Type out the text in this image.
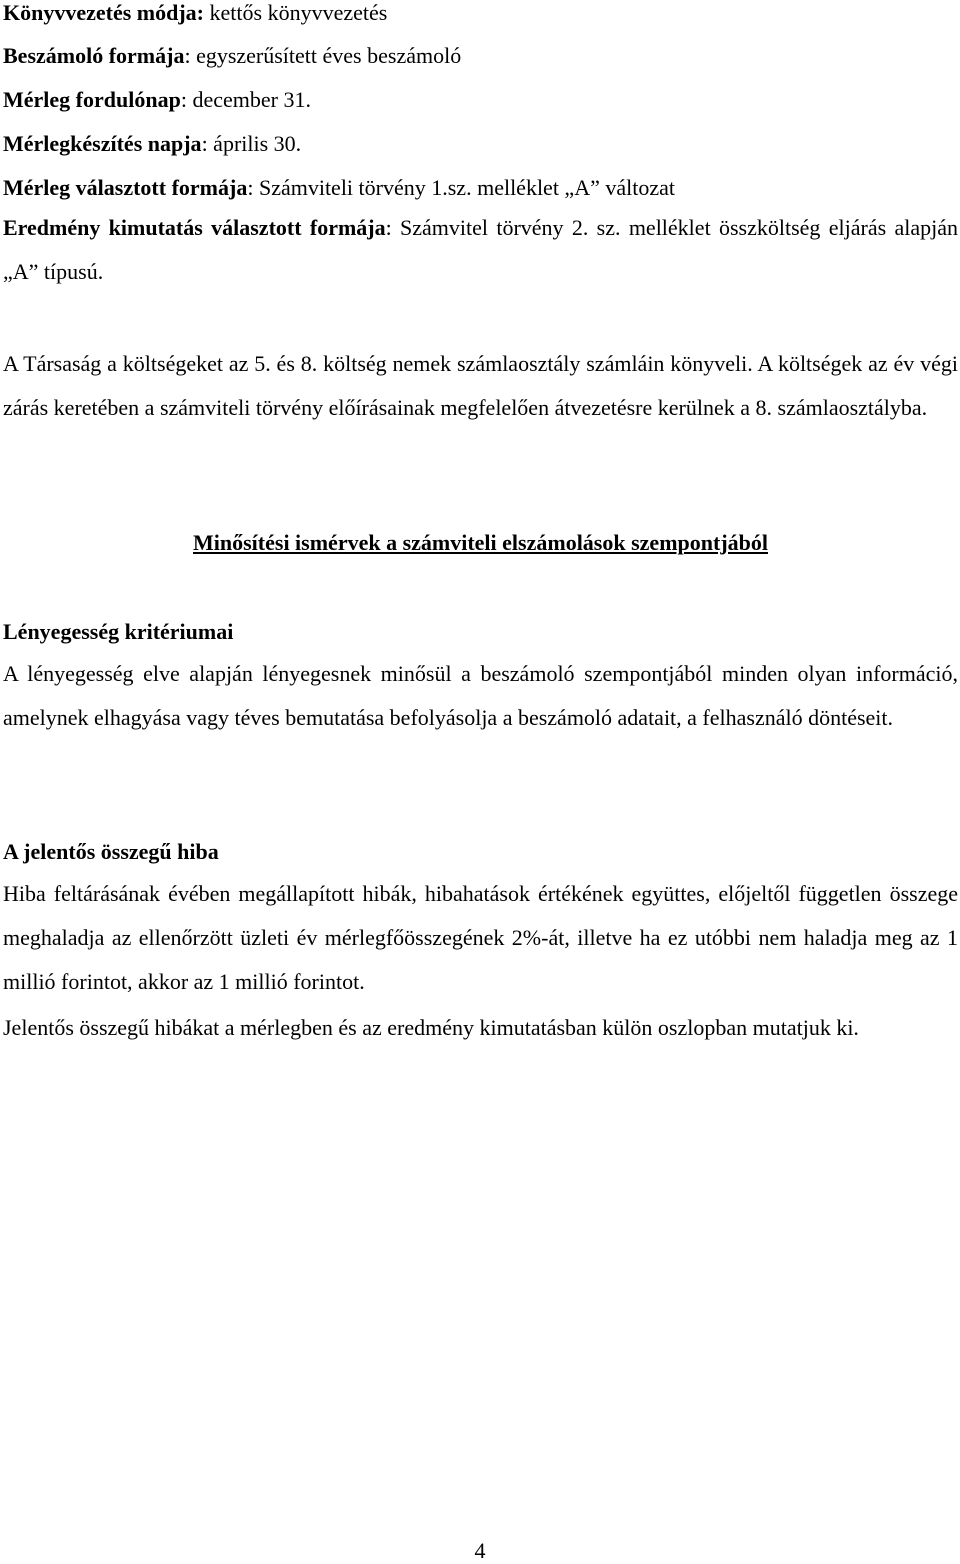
Könyvvezetés módja: kettős könyvvezetés
Beszámoló formája: egyszerűsített éves beszámoló
Mérleg fordulónap: december 31.
Mérlegkészítés napja: április 30.
Mérleg választott formája: Számviteli törvény 1.sz. melléklet „A” változat
Eredmény kimutatás választott formája: Számvitel törvény 2. sz. melléklet összköltség eljárás alapján „A” típusú.
A Társaság a költségeket az 5. és 8. költség nemek számlaosztály számláin könyveli. A költségek az év végi zárás keretében a számviteli törvény előírásainak megfelelően átvezetésre kerülnek a 8. számlaosztályba.
Minősítési ismérvek a számviteli elszámolások szempontjából
Lényegesség kritériumai
A lényegesség elve alapján lényegesnek minősül a beszámoló szempontjából minden olyan információ, amelynek elhagyása vagy téves bemutatása befolyásolja a beszámoló adatait, a felhasználó döntéseit.
A jelentős összegű hiba
Hiba feltárásának évében megállapított hibák, hibahatások értékének együttes, előjeltől független összege meghaladja az ellenőrzött üzleti év mérlegfőösszegének 2%-át, illetve ha ez utóbbi nem haladja meg az 1 millió forintot, akkor az 1 millió forintot.
Jelentős összegű hibákat a mérlegben és az eredmény kimutatásban külön oszlopban mutatjuk ki.
4
